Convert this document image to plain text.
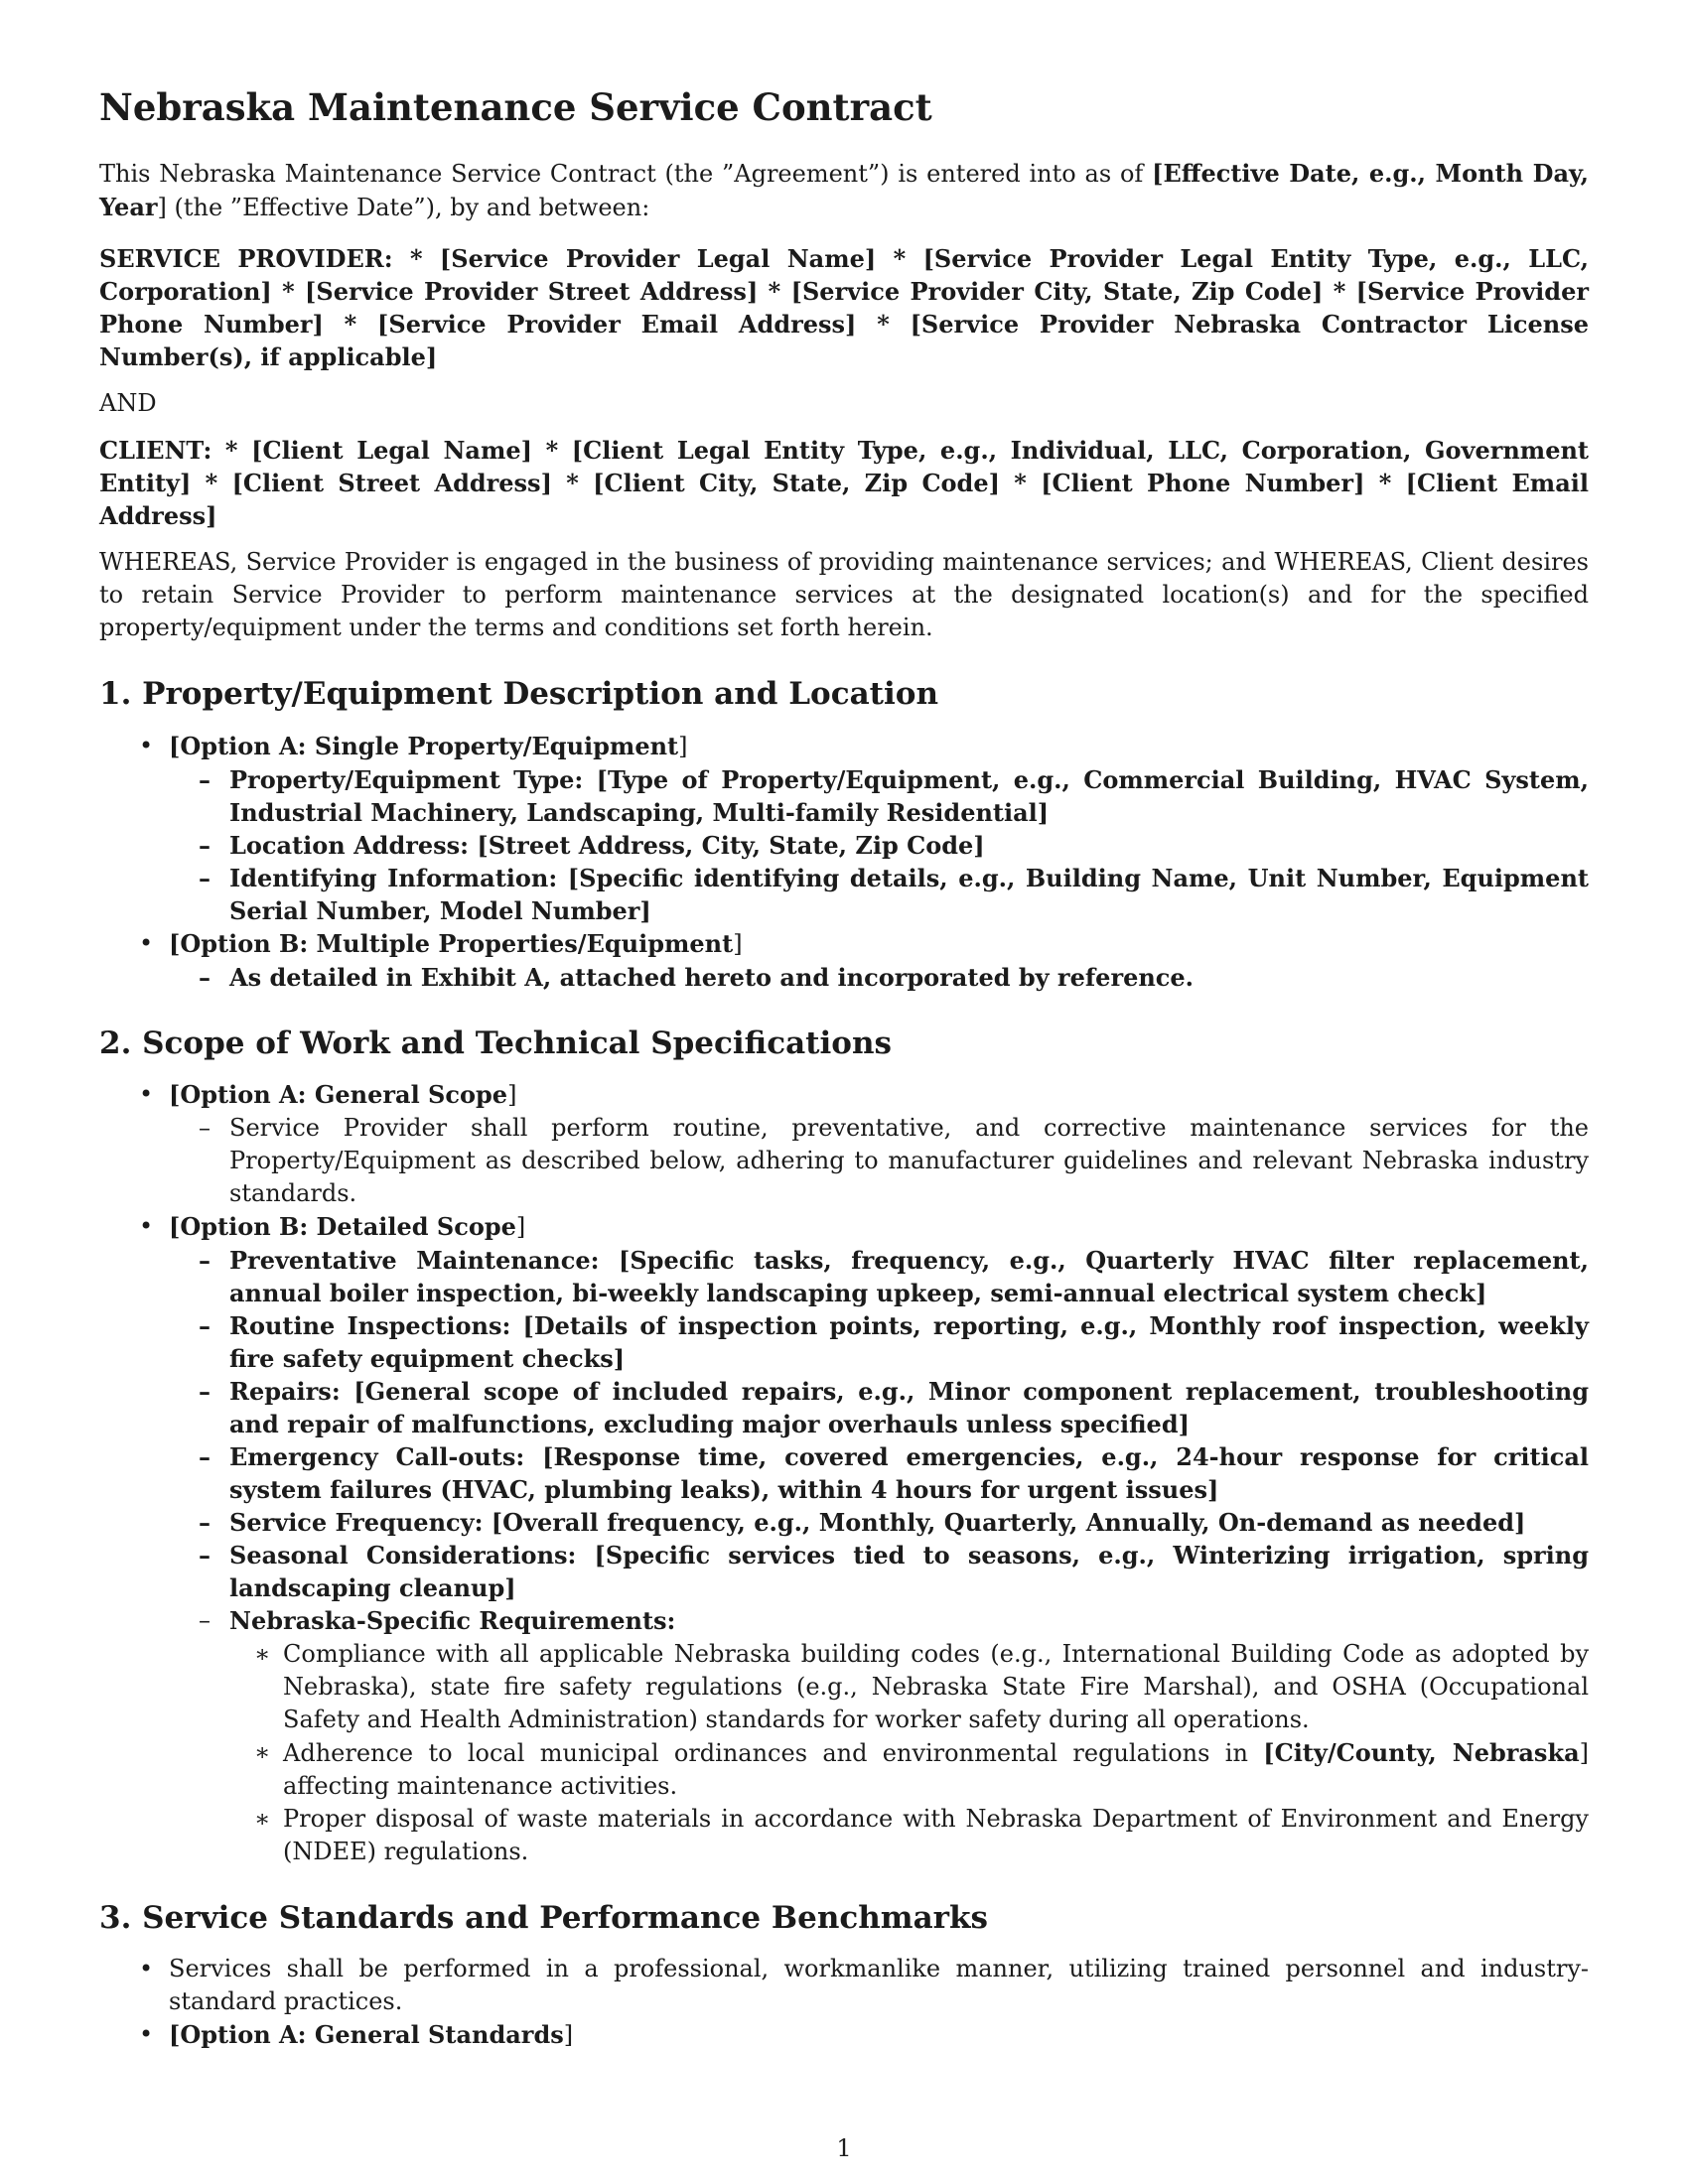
Nebraska Maintenance Service Contract

This Nebraska Maintenance Service Contract (the ”Agreement”) is entered into as of [Effective Date, e.g., Month Day, Year] (the ”Effective Date”), by and between:

SERVICE PROVIDER: * [Service Provider Legal Name] * [Service Provider Legal Entity Type, e.g., LLC, Corporation] * [Service Provider Street Address] * [Service Provider City, State, Zip Code] * [Service Provider Phone Number] * [Service Provider Email Address] * [Service Provider Nebraska Contractor License Number(s), if applicable]

AND

CLIENT: * [Client Legal Name] * [Client Legal Entity Type, e.g., Individual, LLC, Corporation, Government Entity] * [Client Street Address] * [Client City, State, Zip Code] * [Client Phone Number] * [Client Email Address]

WHEREAS, Service Provider is engaged in the business of providing maintenance services; and WHEREAS, Client desires to retain Service Provider to perform maintenance services at the designated location(s) and for the specified property/equipment under the terms and conditions set forth herein.

1. Property/Equipment Description and Location
• [Option A: Single Property/Equipment]
– Property/Equipment Type: [Type of Property/Equipment, e.g., Commercial Building, HVAC System, Industrial Machinery, Landscaping, Multi-family Residential]
– Location Address: [Street Address, City, State, Zip Code]
– Identifying Information: [Specific identifying details, e.g., Building Name, Unit Number, Equipment Serial Number, Model Number]
• [Option B: Multiple Properties/Equipment]
– As detailed in Exhibit A, attached hereto and incorporated by reference.
2. Scope of Work and Technical Specifications
• [Option A: General Scope]
– Service Provider shall perform routine, preventative, and corrective maintenance services for the Property/Equipment as described below, adhering to manufacturer guidelines and relevant Nebraska industry standards.
• [Option B: Detailed Scope]
– Preventative Maintenance: [Specific tasks, frequency, e.g., Quarterly HVAC filter replacement, annual boiler inspection, bi-weekly landscaping upkeep, semi-annual electrical system check]
– Routine Inspections: [Details of inspection points, reporting, e.g., Monthly roof inspection, weekly fire safety equipment checks]
– Repairs: [General scope of included repairs, e.g., Minor component replacement, troubleshooting and repair of malfunctions, excluding major overhauls unless specified]
– Emergency Call-outs: [Response time, covered emergencies, e.g., 24-hour response for critical system failures (HVAC, plumbing leaks), within 4 hours for urgent issues]
– Service Frequency: [Overall frequency, e.g., Monthly, Quarterly, Annually, On-demand as needed]
– Seasonal Considerations: [Specific services tied to seasons, e.g., Winterizing irrigation, spring landscaping cleanup]
– Nebraska-Specific Requirements:
∗ Compliance with all applicable Nebraska building codes (e.g., International Building Code as adopted by Nebraska), state fire safety regulations (e.g., Nebraska State Fire Marshal), and OSHA (Occupational Safety and Health Administration) standards for worker safety during all operations.
∗ Adherence to local municipal ordinances and environmental regulations in [City/County, Nebraska] affecting maintenance activities.
∗ Proper disposal of waste materials in accordance with Nebraska Department of Environment and Energy (NDEE) regulations.
3. Service Standards and Performance Benchmarks
• Services shall be performed in a professional, workmanlike manner, utilizing trained personnel and industry-standard practices.
• [Option A: General Standards]
1
